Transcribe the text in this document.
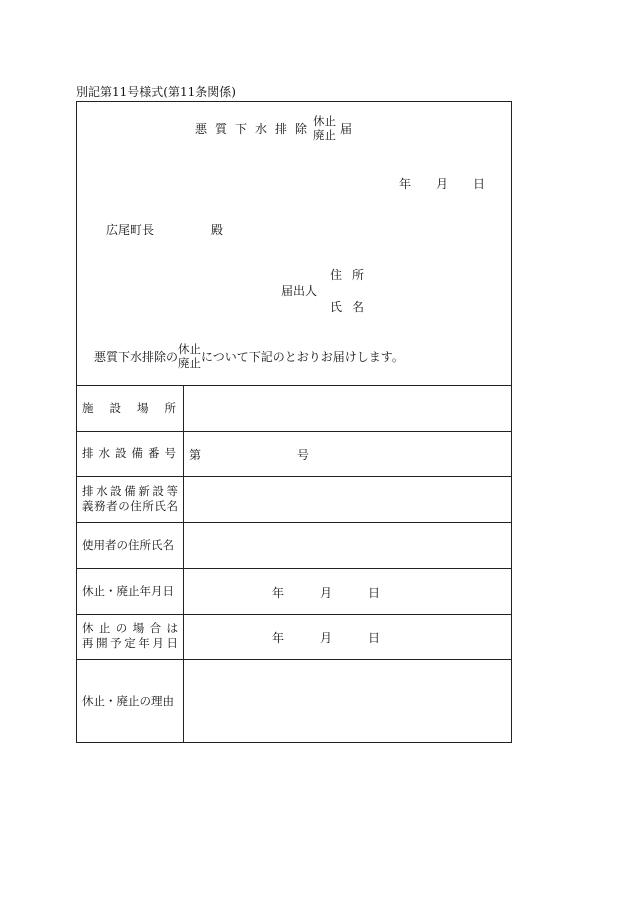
別記第11号様式(第11条関係)
悪質下水排除
休止
廃止 届
年 月 日
広尾町長	殿
届出人
住所
氏名
悪質下水排除の
休止
廃止 について下記のとおりお届けします。
施設場所
排水設備番号 第	号
排水設備新設等
義務者の住所氏名
使用者の住所氏名
休止・廃止年月日	年	月	日
休止の場合は
再開予定年月日	年	月	日
休止・廃止の理由
